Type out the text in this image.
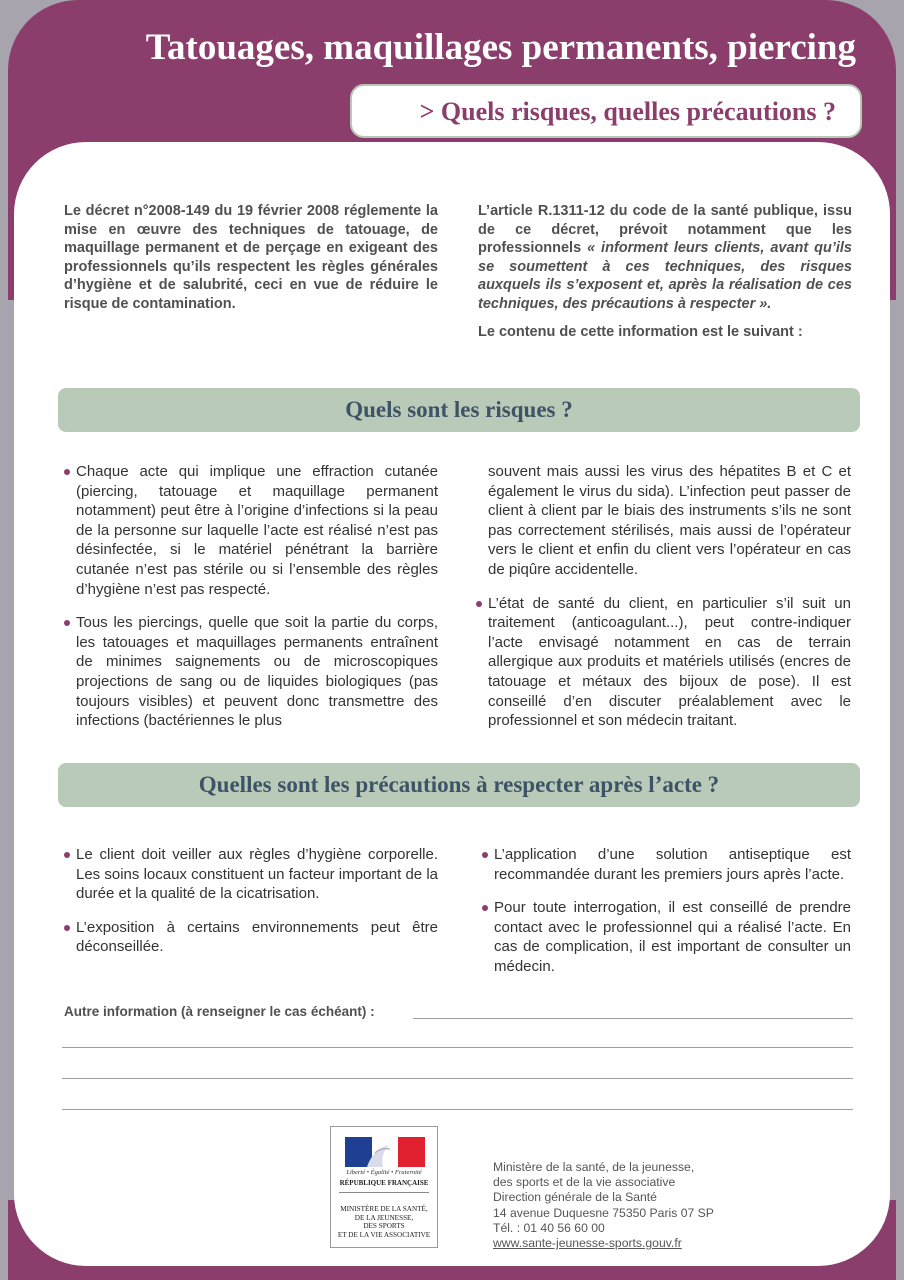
Tatouages, maquillages permanents, piercing
> Quels risques, quelles précautions ?

Le décret n°2008-149 du 19 février 2008 réglemente la mise en œuvre des techniques de tatouage, de maquillage permanent et de perçage en exigeant des professionnels qu’ils respectent les règles générales d’hygiène et de salubrité, ceci en vue de réduire le risque de contamination.

L’article R.1311-12 du code de la santé publique, issu de ce décret, prévoit notamment que les professionnels « informent leurs clients, avant qu’ils se soumettent à ces techniques, des risques auxquels ils s’exposent et, après la réalisation de ces techniques, des précautions à respecter ».

Le contenu de cette information est le suivant :

Quels sont les risques ?

Chaque acte qui implique une effraction cutanée (piercing, tatouage et maquillage permanent notamment) peut être à l’origine d’infections si la peau de la personne sur laquelle l’acte est réalisé n’est pas désinfectée, si le matériel pénétrant la barrière cutanée n’est pas stérile ou si l’ensemble des règles d’hygiène n’est pas respecté.

Tous les piercings, quelle que soit la partie du corps, les tatouages et maquillages permanents entraînent de minimes saignements ou de microscopiques projections de sang ou de liquides biologiques (pas toujours visibles) et peuvent donc transmettre des infections (bactériennes le plus

souvent mais aussi les virus des hépatites B et C et également le virus du sida). L’infection peut passer de client à client par le biais des instruments s’ils ne sont pas correctement stérilisés, mais aussi de l’opérateur vers le client et enfin du client vers l’opérateur en cas de piqûre accidentelle.

L’état de santé du client, en particulier s’il suit un traitement (anticoagulant...), peut contre-indiquer l’acte envisagé notamment en cas de terrain allergique aux produits et matériels utilisés (encres de tatouage et métaux des bijoux de pose). Il est conseillé d’en discuter préalablement avec le professionnel et son médecin traitant.

Quelles sont les précautions à respecter après l’acte ?

Le client doit veiller aux règles d’hygiène corporelle. Les soins locaux constituent un facteur important de la durée et la qualité de la cicatrisation.

L’exposition à certains environnements peut être déconseillée.

L’application d’une solution antiseptique est recommandée durant les premiers jours après l’acte.

Pour toute interrogation, il est conseillé de prendre contact avec le professionnel qui a réalisé l’acte. En cas de complication, il est important de consulter un médecin.

Autre information (à renseigner le cas échéant) :
Liberté • Égalité • Fraternité
RÉPUBLIQUE FRANÇAISE
MINISTÈRE DE LA SANTÉ,
DE LA JEUNESSE,
DES SPORTS
ET DE LA VIE ASSOCIATIVE
Ministère de la santé, de la jeunesse,
des sports et de la vie associative
Direction générale de la Santé
14 avenue Duquesne 75350 Paris 07 SP
Tél. : 01 40 56 60 00
www.sante-jeunesse-sports.gouv.fr
